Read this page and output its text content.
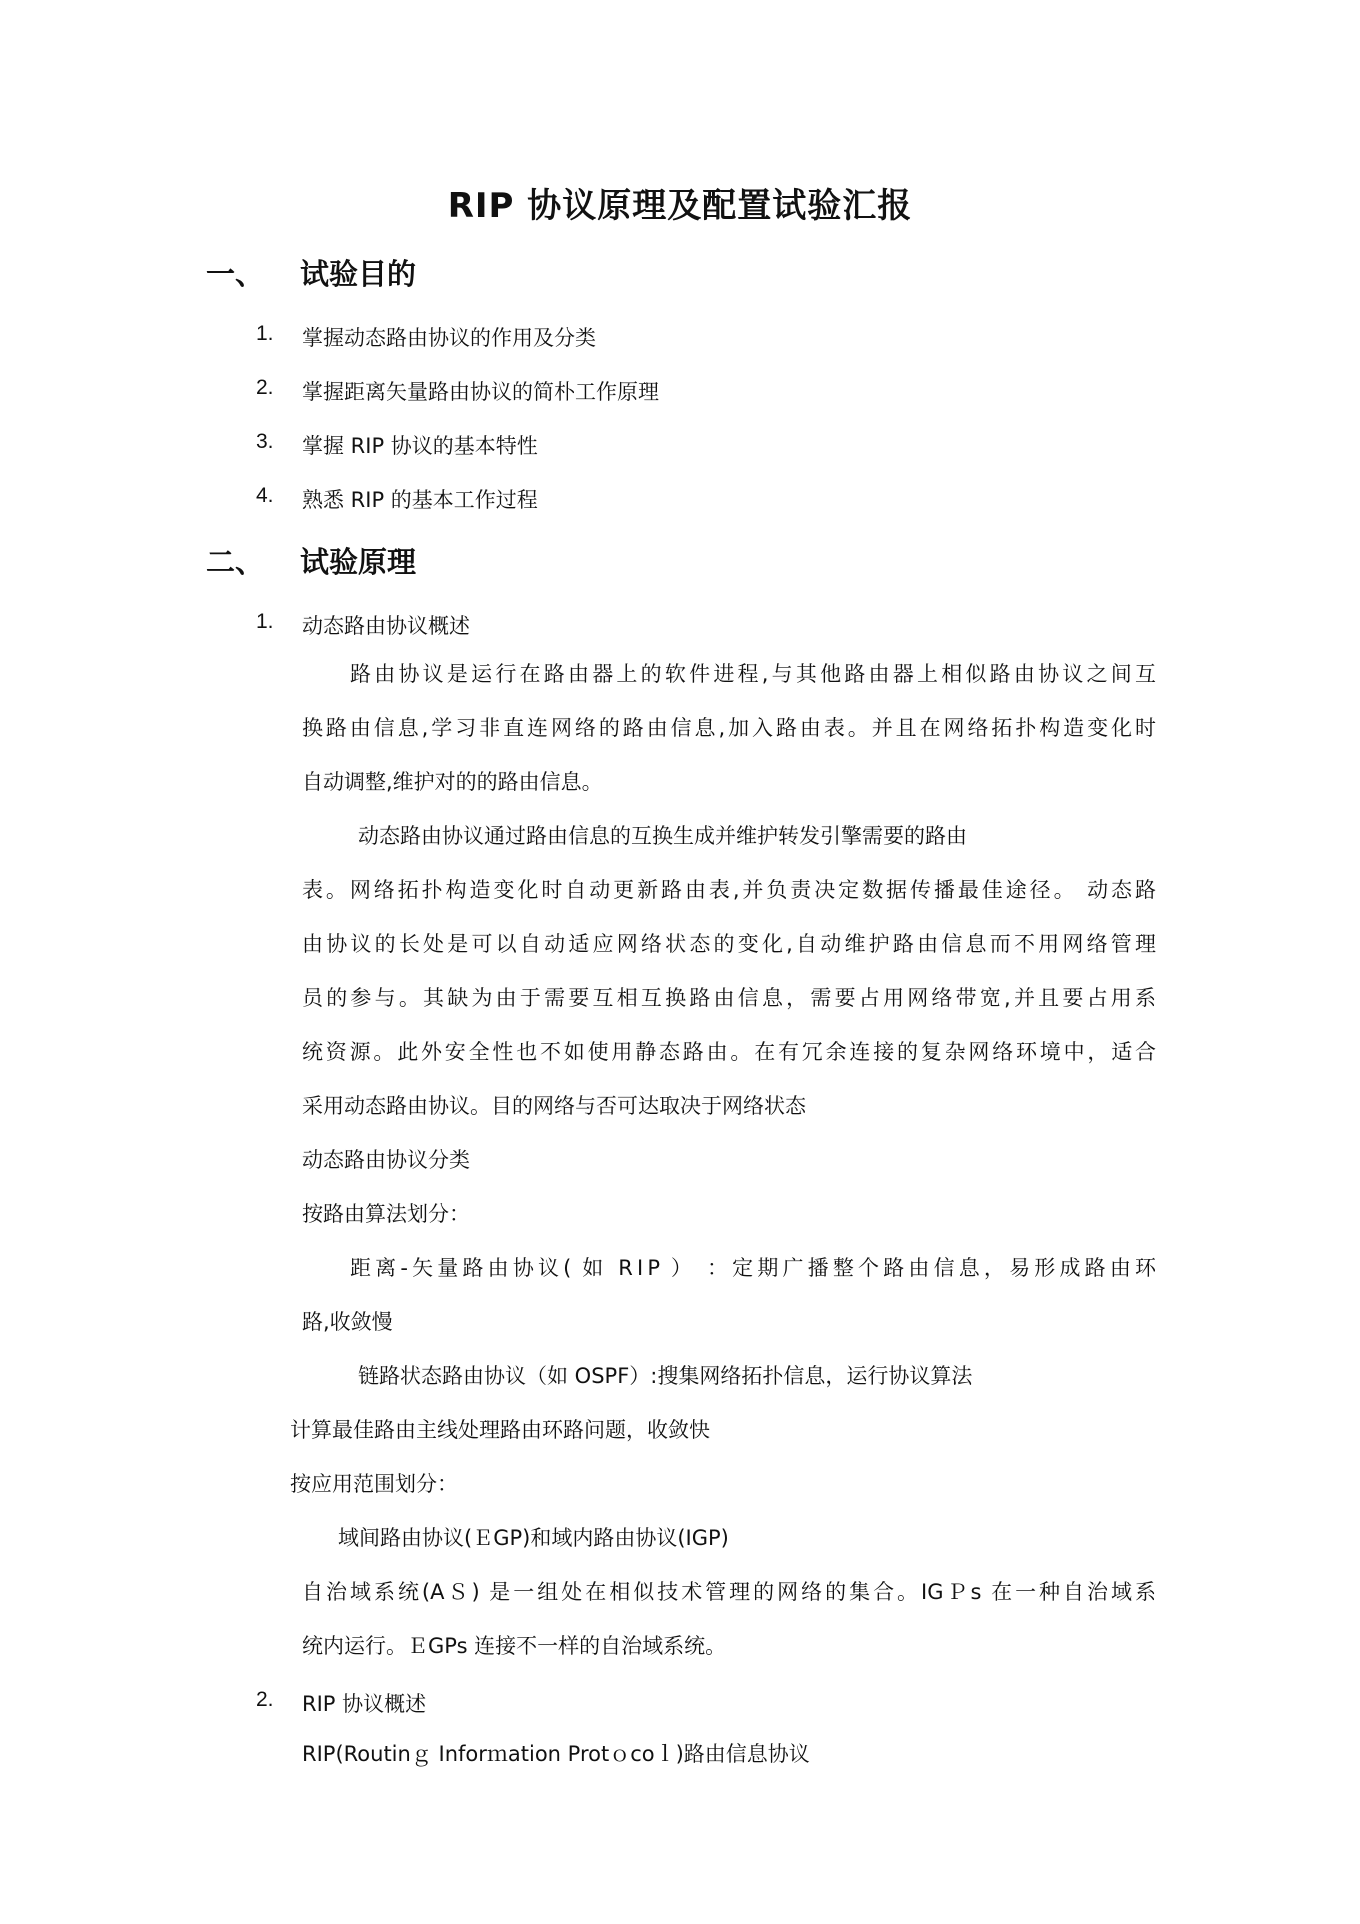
RⅠP 协议原理及配置试验汇报
一、 试验目的
1. 掌握动态路由协议的作用及分类
2. 掌握距离矢量路由协议的简朴工作原理
3. 掌握 RⅠP 协议的基本特性
4. 熟悉 RIP 的基本工作过程
二、 试验原理
1. 动态路由协议概述
路由协议是运行在路由器上的软件进程,与其他路由器上相似路由协议之间互
换路由信息,学习非直连网络的路由信息,加入路由表。并且在网络拓扑构造变化时
自动调整,维护对的的路由信息。
动态路由协议通过路由信息的互换生成并维护转发引擎需要的路由
表。网络拓扑构造变化时自动更新路由表,并负责决定数据传播最佳途径。 动态路
由协议的长处是可以自动适应网络状态的变化,自动维护路由信息而不用网络管理
员的参与。其缺为由于需要互相互换路由信息，需要占用网络带宽,并且要占用系
统资源。此外安全性也不如使用静态路由。在有冗余连接的复杂网络环境中，适合
采用动态路由协议。目的网络与否可达取决于网络状态
动态路由协议分类
按路由算法划分：
距离-矢量路由协议( 如 RⅠP ） ：定期广播整个路由信息，易形成路由环
路,收敛慢
链路状态路由协议（如 OSPF）:搜集网络拓扑信息，运行协议算法
计算最佳路由主线处理路由环路问题，收敛快
按应用范围划分：
域间路由协议(ＥGP)和域内路由协议(IGP)
自治域系统(AＳ) 是一组处在相似技术管理的网络的集合。IGＰs 在一种自治域系
统内运行。ＥGPs 连接不一样的自治域系统。
2. RⅠP 协议概述
RIP(Routinｇ Inforｍation Protｏcoｌ)路由信息协议
